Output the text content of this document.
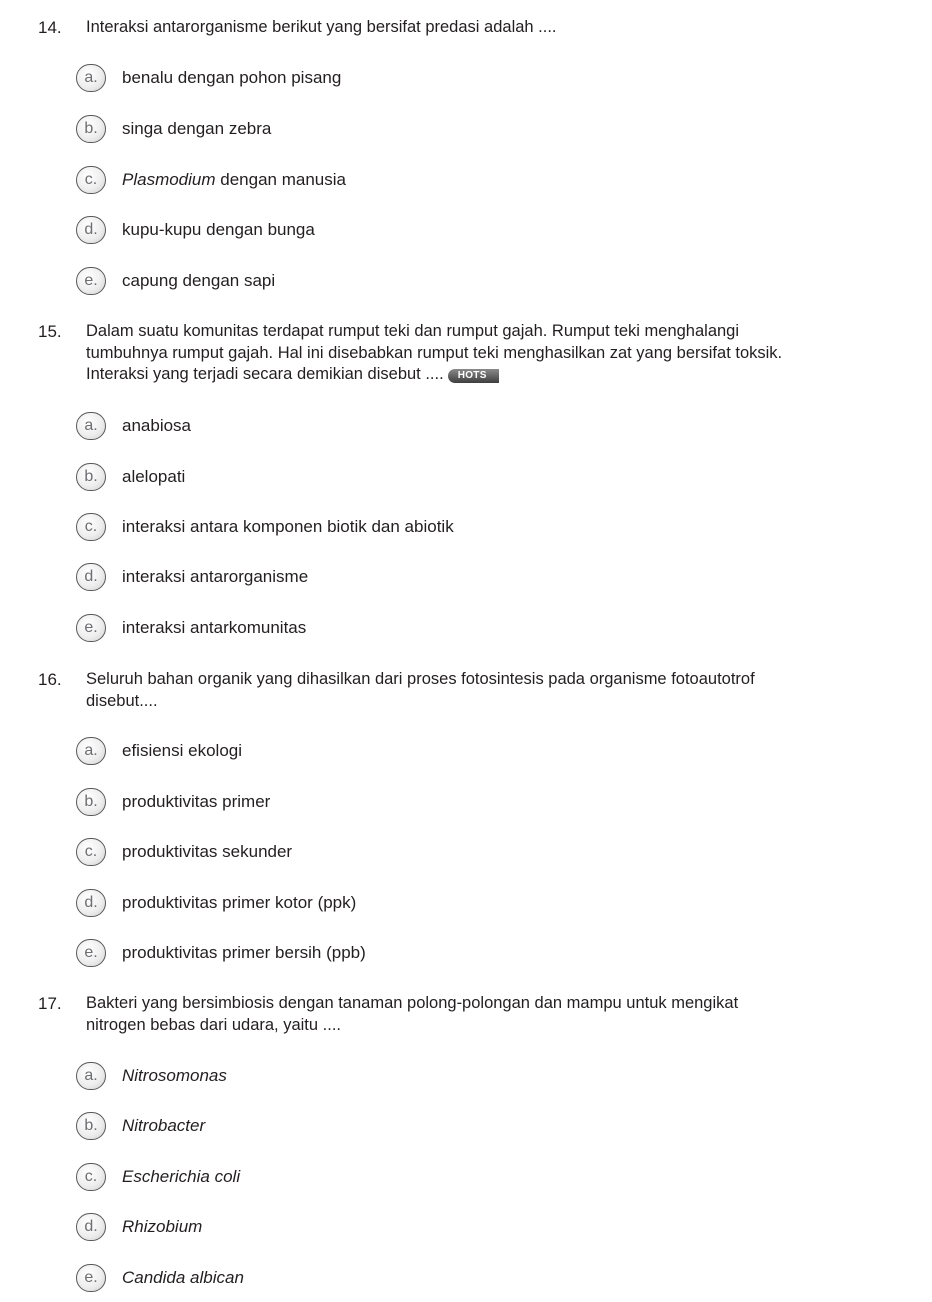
14. Interaksi antarorganisme berikut yang bersifat predasi adalah ....
a.	benalu dengan pohon pisang
b.	singa dengan zebra
c.	Plasmodium dengan manusia
d.	kupu-kupu dengan bunga
e.	capung dengan sapi
15. Dalam suatu komunitas terdapat rumput teki dan rumput gajah. Rumput teki menghalangi tumbuhnya rumput gajah. Hal ini disebabkan rumput teki menghasilkan zat yang bersifat toksik. Interaksi yang terjadi secara demikian disebut .... HOTS
a.	anabiosa
b.	alelopati
c.	interaksi antara komponen biotik dan abiotik
d.	interaksi antarorganisme
e.	interaksi antarkomunitas
16. Seluruh bahan organik yang dihasilkan dari proses fotosintesis pada organisme fotoautotrof disebut....
a.	efisiensi ekologi
b.	produktivitas primer
c.	produktivitas sekunder
d.	produktivitas primer kotor (ppk)
e.	produktivitas primer bersih (ppb)
17. Bakteri yang bersimbiosis dengan tanaman polong-polongan dan mampu untuk mengikat nitrogen bebas dari udara, yaitu ....
a.	Nitrosomonas
b.	Nitrobacter
c.	Escherichia coli
d.	Rhizobium
e.	Candida albican
